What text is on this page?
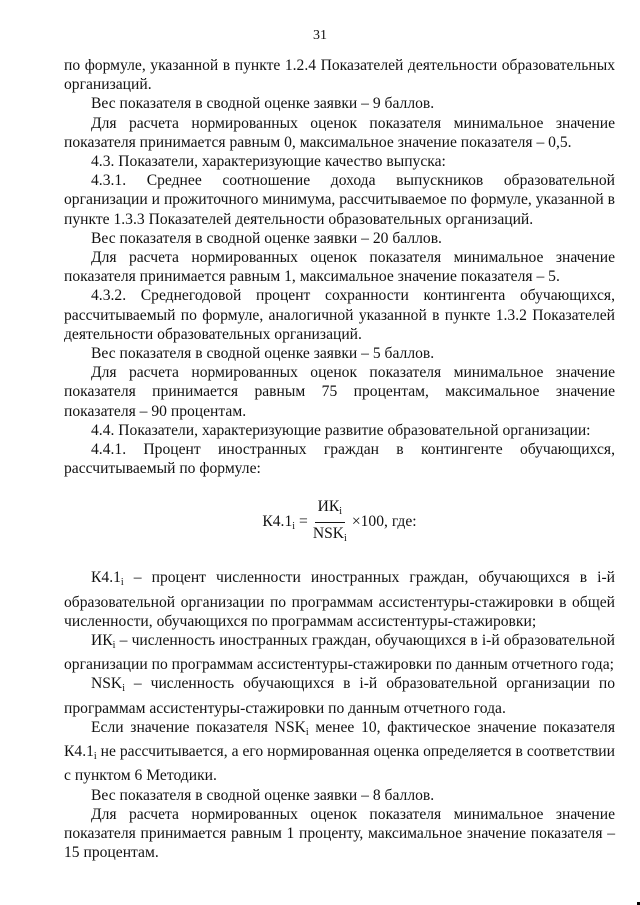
31

по формуле, указанной в пункте 1.2.4 Показателей деятельности образовательных организаций.

Вес показателя в сводной оценке заявки – 9 баллов.

Для расчета нормированных оценок показателя минимальное значение показателя принимается равным 0, максимальное значение показателя – 0,5.

4.3. Показатели, характеризующие качество выпуска:

4.3.1. Среднее соотношение дохода выпускников образовательной организации и прожиточного минимума, рассчитываемое по формуле, указанной в пункте 1.3.3 Показателей деятельности образовательных организаций.

Вес показателя в сводной оценке заявки – 20 баллов.

Для расчета нормированных оценок показателя минимальное значение показателя принимается равным 1, максимальное значение показателя – 5.

4.3.2. Среднегодовой процент сохранности контингента обучающихся, рассчитываемый по формуле, аналогичной указанной в пункте 1.3.2 Показателей деятельности образовательных организаций.

Вес показателя в сводной оценке заявки – 5 баллов.

Для расчета нормированных оценок показателя минимальное значение показателя принимается равным 75 процентам, максимальное значение показателя – 90 процентам.

4.4. Показатели, характеризующие развитие образовательной организации:

4.4.1. Процент иностранных граждан в контингенте обучающихся, рассчитываемый по формуле:

$К4.1_i = \frac{ИК_i}{NSK_i} \times 100$ , где:

$К4.1_i$ – процент численности иностранных граждан, обучающихся в i-й образовательной организации по программам ассистентуры-стажировки в общей численности, обучающихся по программам ассистентуры-стажировки;

$ИК_i$ – численность иностранных граждан, обучающихся в i-й образовательной организации по программам ассистентуры-стажировки по данным отчетного года;

$NSK_i$ – численность обучающихся в i-й образовательной организации по программам ассистентуры-стажировки по данным отчетного года.

Если значение показателя $NSK_i$ менее 10, фактическое значение показателя $К4.1_i$ не рассчитывается, а его нормированная оценка определяется в соответствии с пунктом 6 Методики.

Вес показателя в сводной оценке заявки – 8 баллов.

Для расчета нормированных оценок показателя минимальное значение показателя принимается равным 1 проценту, максимальное значение показателя – 15 процентам.
